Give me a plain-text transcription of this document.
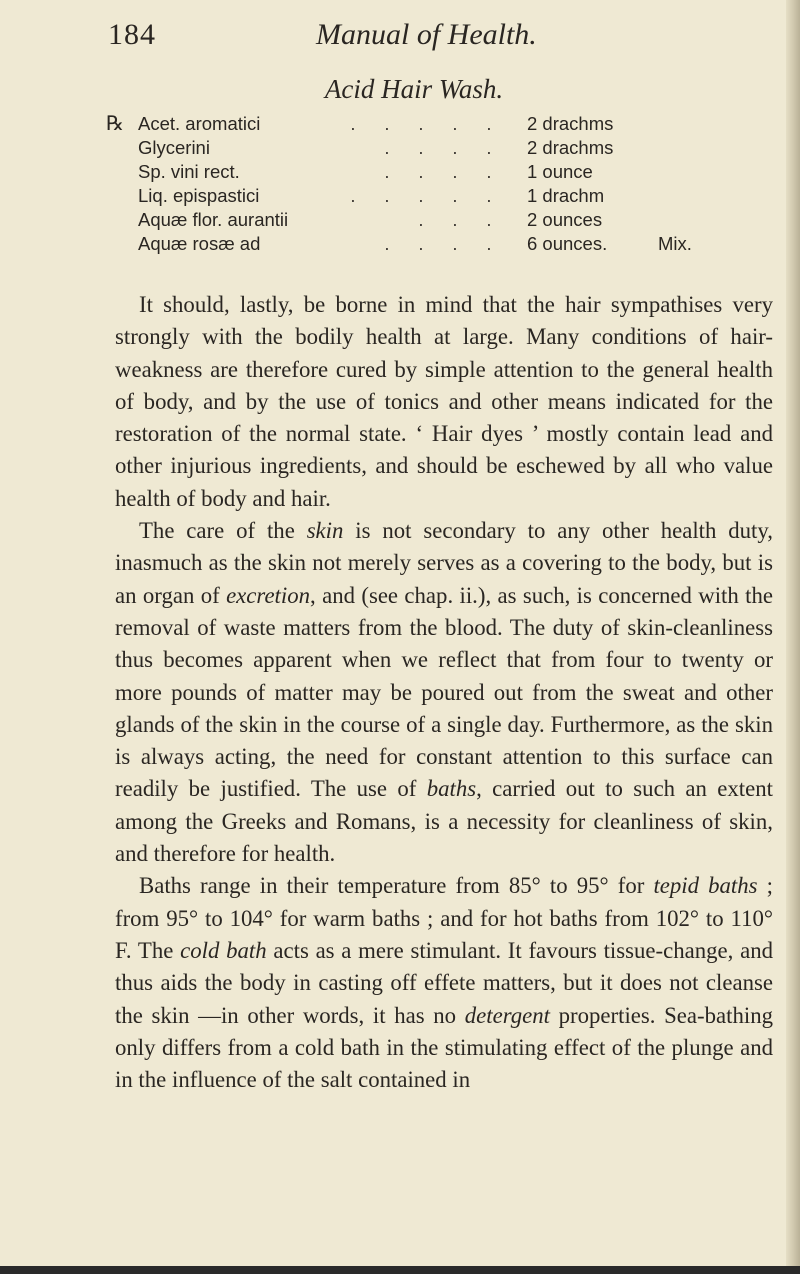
184	Manual of Health.
Acid Hair Wash.
℞ Acet. aromatici	. . . . .	2 drachms
Glycerini	. . . .	2 drachms
Sp. vini rect.	. . . .	1 ounce
Liq. epispastici	. . . . .	1 drachm
Aquæ flor. aurantii	. . .	2 ounces
Aquæ rosæ ad	. . . .	6 ounces.	Mix.

It should, lastly, be borne in mind that the hair sympathises very strongly with the bodily health at large. Many conditions of hair-weakness are therefore cured by simple attention to the general health of body, and by the use of tonics and other means indicated for the restoration of the normal state. ‘ Hair dyes ’ mostly contain lead and other injurious ingredients, and should be eschewed by all who value health of body and hair.

The care of the skin is not secondary to any other health duty, inasmuch as the skin not merely serves as a covering to the body, but is an organ of excretion, and (see chap. ii.), as such, is concerned with the removal of waste matters from the blood. The duty of skin-cleanliness thus becomes apparent when we reflect that from four to twenty or more pounds of matter may be poured out from the sweat and other glands of the skin in the course of a single day. Furthermore, as the skin is always acting, the need for constant attention to this surface can readily be justified. The use of baths, carried out to such an extent among the Greeks and Romans, is a necessity for cleanliness of skin, and therefore for health.

Baths range in their temperature from 85° to 95° for tepid baths ; from 95° to 104° for warm baths ; and for hot baths from 102° to 110° F. The cold bath acts as a mere stimulant. It favours tissue-change, and thus aids the body in casting off effete matters, but it does not cleanse the skin —in other words, it has no detergent properties. Sea-bathing only differs from a cold bath in the stimulating effect of the plunge and in the influence of the salt contained in
